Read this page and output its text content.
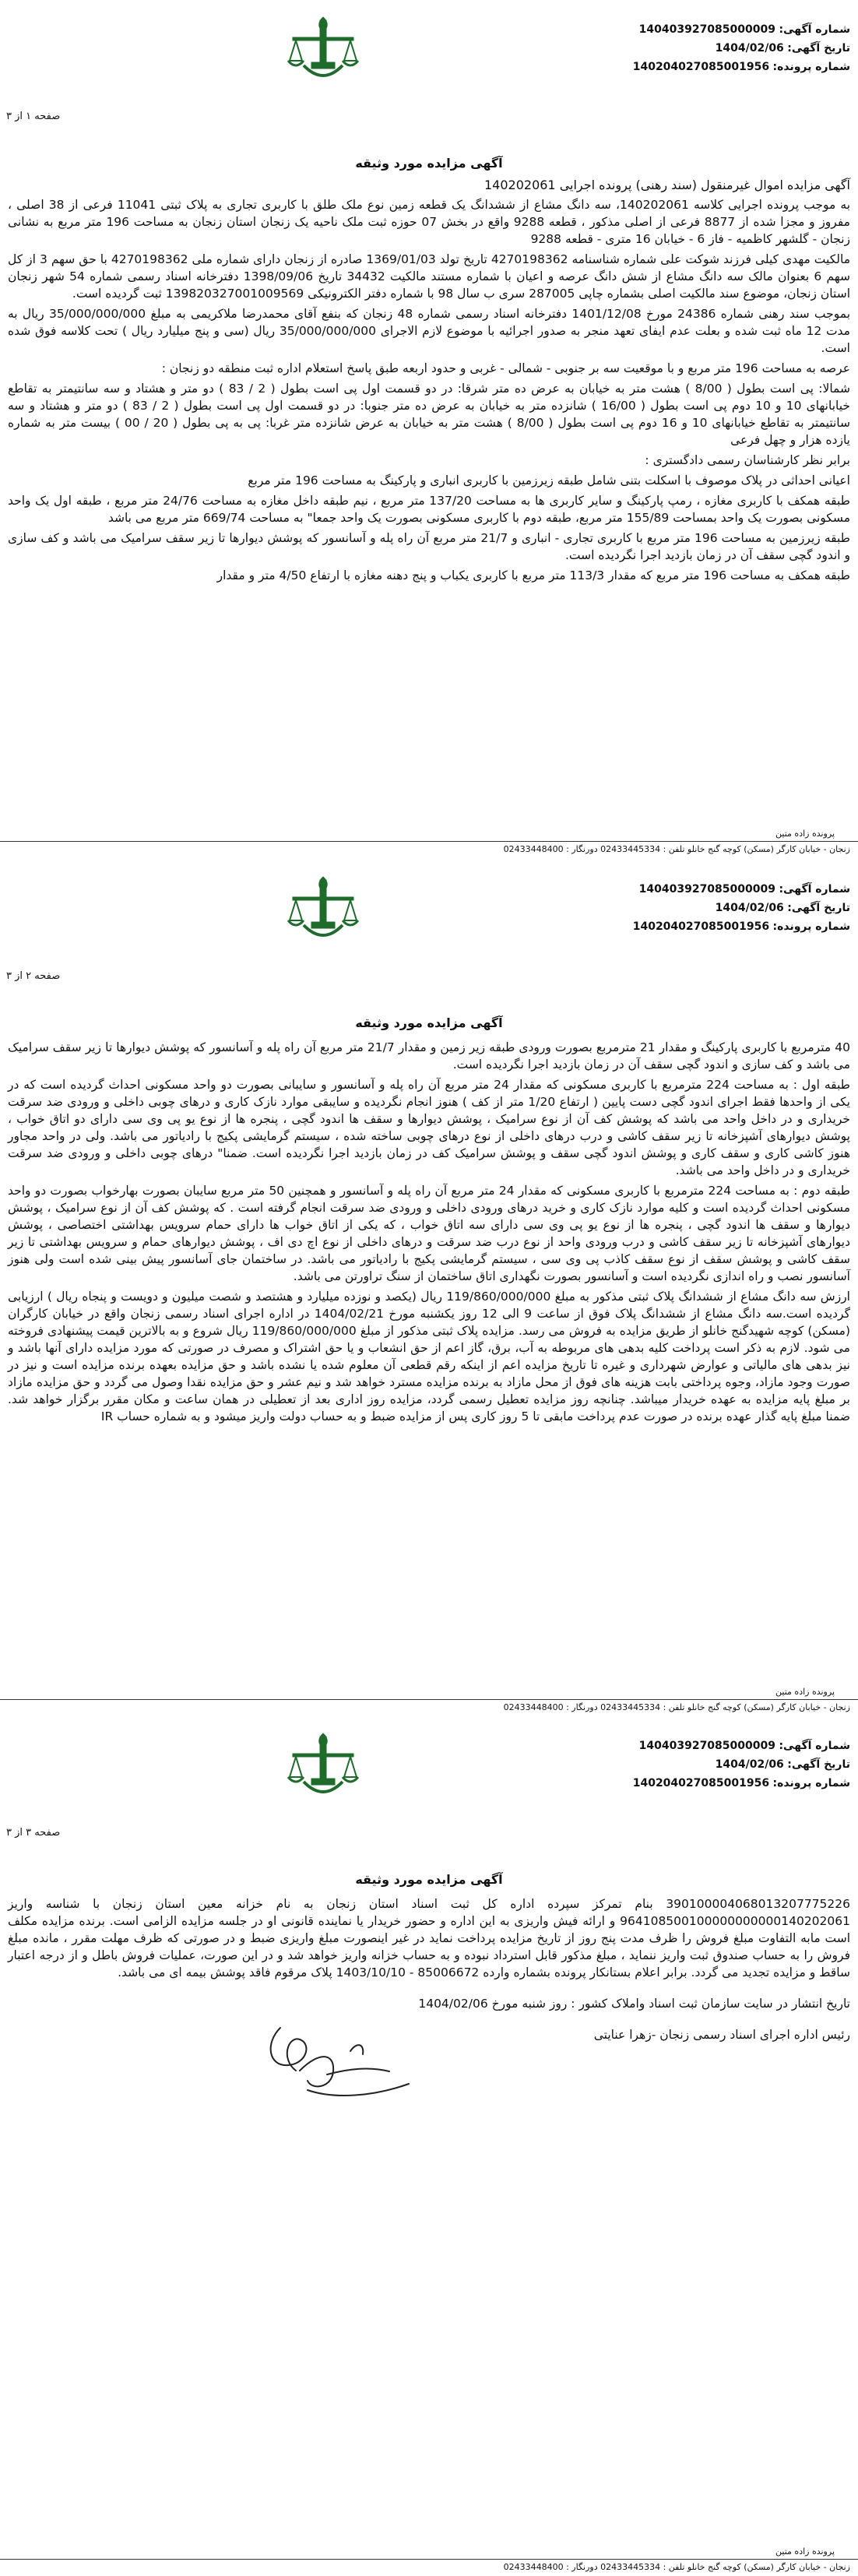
شماره آگهی: 140403927085000009
تاریخ آگهی: 1404/02/06
شماره پرونده: 140204027085001956
صفحه ۱ از ۳
آگهی مزایده مورد وثیقه
آگهی مزایده اموال غیرمنقول (سند رهنی) پرونده اجرایی 140202061

به موجب پرونده اجرایی کلاسه 140202061، سه دانگ مشاع از ششدانگ یک قطعه زمین نوع ملک طلق با کاربری تجاری به پلاک ثبتی 11041 فرعی از 38 اصلی ، مفروز و مجزا شده از 8877 فرعی از اصلی مذکور ، قطعه 9288 واقع در بخش 07 حوزه ثبت ملک ناحیه یک زنجان استان زنجان به مساحت 196 متر مربع به نشانی زنجان - گلشهر کاظمیه - فاز 6 - خیابان 16 متری - قطعه 9288

مالکیت مهدی کیلی فرزند شوکت علی شماره شناسنامه 4270198362 تاریخ تولد 1369/01/03 صادره از زنجان دارای شماره ملی 4270198362 با حق سهم 3 از کل سهم 6 بعنوان مالک سه دانگ مشاع از شش دانگ عرصه و اعیان با شماره مستند مالکیت 34432 تاریخ 1398/09/06 دفترخانه اسناد رسمی شماره 54 شهر زنجان استان زنجان، موضوع سند مالکیت اصلی بشماره چاپی 287005 سری ب سال 98 با شماره دفتر الکترونیکی 139820327001009569 ثبت گردیده است.

بموجب سند رهنی شماره 24386 مورخ 1401/12/08 دفترخانه اسناد رسمی شماره 48 زنجان که بنفع آقای محمدرضا ملاکریمی به مبلغ 35/000/000/000 ریال به مدت 12 ماه ثبت شده و بعلت عدم ایفای تعهد منجر به صدور اجرائیه با موضوع لازم الاجرای 35/000/000/000 ریال (سی و پنج میلیارد ریال ) تحت کلاسه فوق شده است.

عرصه به مساحت 196 متر مربع و با موقعیت سه بر جنوبی - شمالی - غربی و حدود اربعه طبق پاسخ استعلام اداره ثبت منطقه دو زنجان :

شمالا: پی است بطول ( 8/00 ) هشت متر به خیابان به عرض ده متر شرقا: در دو قسمت اول پی است بطول ( 2 / 83 ) دو متر و هشتاد و سه سانتیمتر به تقاطع خیابانهای 10 و 10 دوم پی است بطول ( 16/00 ) شانزده متر به خیابان به عرض ده متر جنوبا: در دو قسمت اول پی است بطول ( 2 / 83 ) دو متر و هشتاد و سه سانتیمتر به تقاطع خیابانهای 10 و 16 دوم پی است بطول ( 8/00 ) هشت متر به خیابان به عرض شانزده متر غربا: پی به پی بطول ( 20 / 00 ) بیست متر به شماره یازده هزار و چهل فرعی

برابر نظر کارشناسان رسمی دادگستری :

اعیانی احداثی در پلاک موصوف با اسکلت بتنی شامل طبقه زیرزمین با کاربری انباری و پارکینگ به مساحت 196 متر مربع

طبقه همکف با کاربری مغازه ، رمپ پارکینگ و سایر کاربری ها به مساحت 137/20 متر مربع ، نیم طبقه داخل مغازه به مساحت 24/76 متر مربع ، طبقه اول یک واحد مسکونی بصورت یک واحد بمساحت 155/89 متر مربع، طبقه دوم با کاربری مسکونی بصورت یک واحد جمعا" به مساحت 669/74 متر مربع می باشد

طبقه زیرزمین به مساحت 196 متر مربع با کاربری تجاری - انباری و 21/7 متر مربع آن راه پله و آسانسور که پوشش دیوارها تا زیر سقف سرامیک می باشد و کف سازی و اندود گچی سقف آن در زمان بازدید اجرا نگردیده است.

طبقه همکف به مساحت 196 متر مربع که مقدار 113/3 متر مربع با کاربری یکباب و پنج دهنه مغازه با ارتفاع 4/50 متر و مقدار

پرونده زاده متین
زنجان - خیابان کارگر (مسکن) کوچه گنج خانلو تلفن : 02433445334 دورنگار : 02433448400
شماره آگهی: 140403927085000009
تاریخ آگهی: 1404/02/06
شماره پرونده: 140204027085001956
صفحه ۲ از ۳
آگهی مزایده مورد وثیقه

40 مترمربع با کاربری پارکینگ و مقدار 21 مترمربع بصورت ورودی طبقه زیر زمین و مقدار 21/7 متر مربع آن راه پله و آسانسور که پوشش دیوارها تا زیر سقف سرامیک می باشد و کف سازی و اندود گچی سقف آن در زمان بازدید اجرا نگردیده است.

طبقه اول : به مساحت 224 مترمربع با کاربری مسکونی که مقدار 24 متر مربع آن راه پله و آسانسور و سایبانی بصورت دو واحد مسکونی احداث گردیده است که در یکی از واحدها فقط اجرای اندود گچی دست پایین ( ارتفاع 1/20 متر از کف ) هنوز انجام نگردیده و سایبقی موارد نازک کاری و درهای چوبی داخلی و ورودی ضد سرقت خریداری و در داخل واحد می باشد که پوشش کف آن از نوع سرامیک ، پوشش دیوارها و سقف ها اندود گچی ، پنجره ها از نوع یو پی وی سی دارای دو اتاق خواب ، پوشش دیوارهای آشپزخانه تا زیر سقف کاشی و درب درهای داخلی از نوع درهای چوبی ساخته شده ، سیستم گرمایشی پکیج با رادیاتور می باشد. ولی در واحد مجاور هنوز کاشی کاری و سقف کاری و پوشش اندود گچی سقف و پوشش سرامیک کف در زمان بازدید اجرا نگردیده است. ضمنا" درهای چوبی داخلی و ورودی ضد سرقت خریداری و در داخل واحد می باشد.

طبقه دوم : به مساحت 224 مترمربع با کاربری مسکونی که مقدار 24 متر مربع آن راه پله و آسانسور و همچنین 50 متر مربع سایبان بصورت بهارخواب بصورت دو واحد مسکونی احداث گردیده است و کلیه موارد نازک کاری و خرید درهای ورودی داخلی و ورودی ضد سرقت انجام گرفته است . که پوشش کف آن از نوع سرامیک ، پوشش دیوارها و سقف ها اندود گچی ، پنجره ها از نوع یو پی وی سی دارای سه اتاق خواب ، که یکی از اتاق خواب ها دارای حمام سرویس بهداشتی اختصاصی ، پوشش دیوارهای آشپزخانه تا زیر سقف کاشی و درب ورودی واحد از نوع درب ضد سرقت و درهای داخلی از نوع اچ دی اف ، پوشش دیوارهای حمام و سرویس بهداشتی تا زیر سقف کاشی و پوشش سقف از نوع سقف کاذب پی وی سی ، سیستم گرمایشی پکیج با رادیاتور می باشد. در ساختمان جای آسانسور پیش بینی شده است ولی هنوز آسانسور نصب و راه اندازی نگردیده است و آسانسور بصورت نگهداری اتاق ساختمان از سنگ تراورتن می باشد.

ارزش سه دانگ مشاع از ششدانگ پلاک ثبتی مذکور به مبلغ 119/860/000/000 ریال (یکصد و نوزده میلیارد و هشتصد و شصت میلیون و دویست و پنجاه ریال ) ارزیابی گردیده است.سه دانگ مشاع از ششدانگ پلاک فوق از ساعت 9 الی 12 روز یکشنبه مورخ 1404/02/21 در اداره اجرای اسناد رسمی زنجان واقع در خیابان کارگران (مسکن) کوچه شهیدگنج خانلو از طریق مزایده به فروش می رسد. مزایده پلاک ثبتی مذکور از مبلغ 119/860/000/000 ریال شروع و به بالاترین قیمت پیشنهادی فروخته می شود. لازم به ذکر است پرداخت کلیه بدهی های مربوطه به آب، برق، گاز اعم از حق انشعاب و یا حق اشتراک و مصرف در صورتی که مورد مزایده دارای آنها باشد و نیز بدهی های مالیاتی و عوارض شهرداری و غیره تا تاریخ مزایده اعم از اینکه رقم قطعی آن معلوم شده یا نشده باشد و حق مزایده بعهده برنده مزایده است و نیز در صورت وجود مازاد، وجوه پرداختی بابت هزینه های فوق از محل مازاد به برنده مزایده مسترد خواهد شد و نیم عشر و حق مزایده نقدا وصول می گردد و حق مزایده مازاد بر مبلغ پایه مزایده به عهده خریدار میباشد. چنانچه روز مزایده تعطیل رسمی گردد، مزایده روز اداری بعد از تعطیلی در همان ساعت و مکان مقرر برگزار خواهد شد. ضمنا مبلغ پایه گذار عهده برنده در صورت عدم پرداخت مابقی تا 5 روز کاری پس از مزایده ضبط و به حساب دولت واریز میشود و به شماره حساب IR

پرونده زاده متین
زنجان - خیابان کارگر (مسکن) کوچه گنج خانلو تلفن : 02433445334 دورنگار : 02433448400
شماره آگهی: 140403927085000009
تاریخ آگهی: 1404/02/06
شماره پرونده: 140204027085001956
صفحه ۳ از ۳
آگهی مزایده مورد وثیقه

390100004068013207775226 بنام تمرکز سپرده اداره کل ثبت اسناد استان زنجان به نام خزانه معین استان زنجان با شناسه واریز 964108500100000000000140202061 و ارائه فیش واریزی به این اداره و حضور خریدار یا نماینده قانونی او در جلسه مزایده الزامی است. برنده مزایده مکلف است مابه التفاوت مبلغ فروش را ظرف مدت پنج روز از تاریخ مزایده پرداخت نماید در غیر اینصورت مبلغ واریزی ضبط و در صورتی که ظرف مهلت مقرر ، مانده مبلغ فروش را به حساب صندوق ثبت واریز ننماید ، مبلغ مذکور قابل استرداد نبوده و به حساب خزانه واریز خواهد شد و در این صورت، عملیات فروش باطل و از درجه اعتبار ساقط و مزایده تجدید می گردد. برابر اعلام بستانکار پرونده بشماره وارده 85006672 - 1403/10/10 پلاک مرقوم فاقد پوشش بیمه ای می باشد.

تاریخ انتشار در سایت سازمان ثبت اسناد واملاک کشور : روز شنبه مورخ 1404/02/06

رئیس اداره اجرای اسناد رسمی زنجان -زهرا عنایتی

پرونده زاده متین
زنجان - خیابان کارگر (مسکن) کوچه گنج خانلو تلفن : 02433445334 دورنگار : 02433448400
